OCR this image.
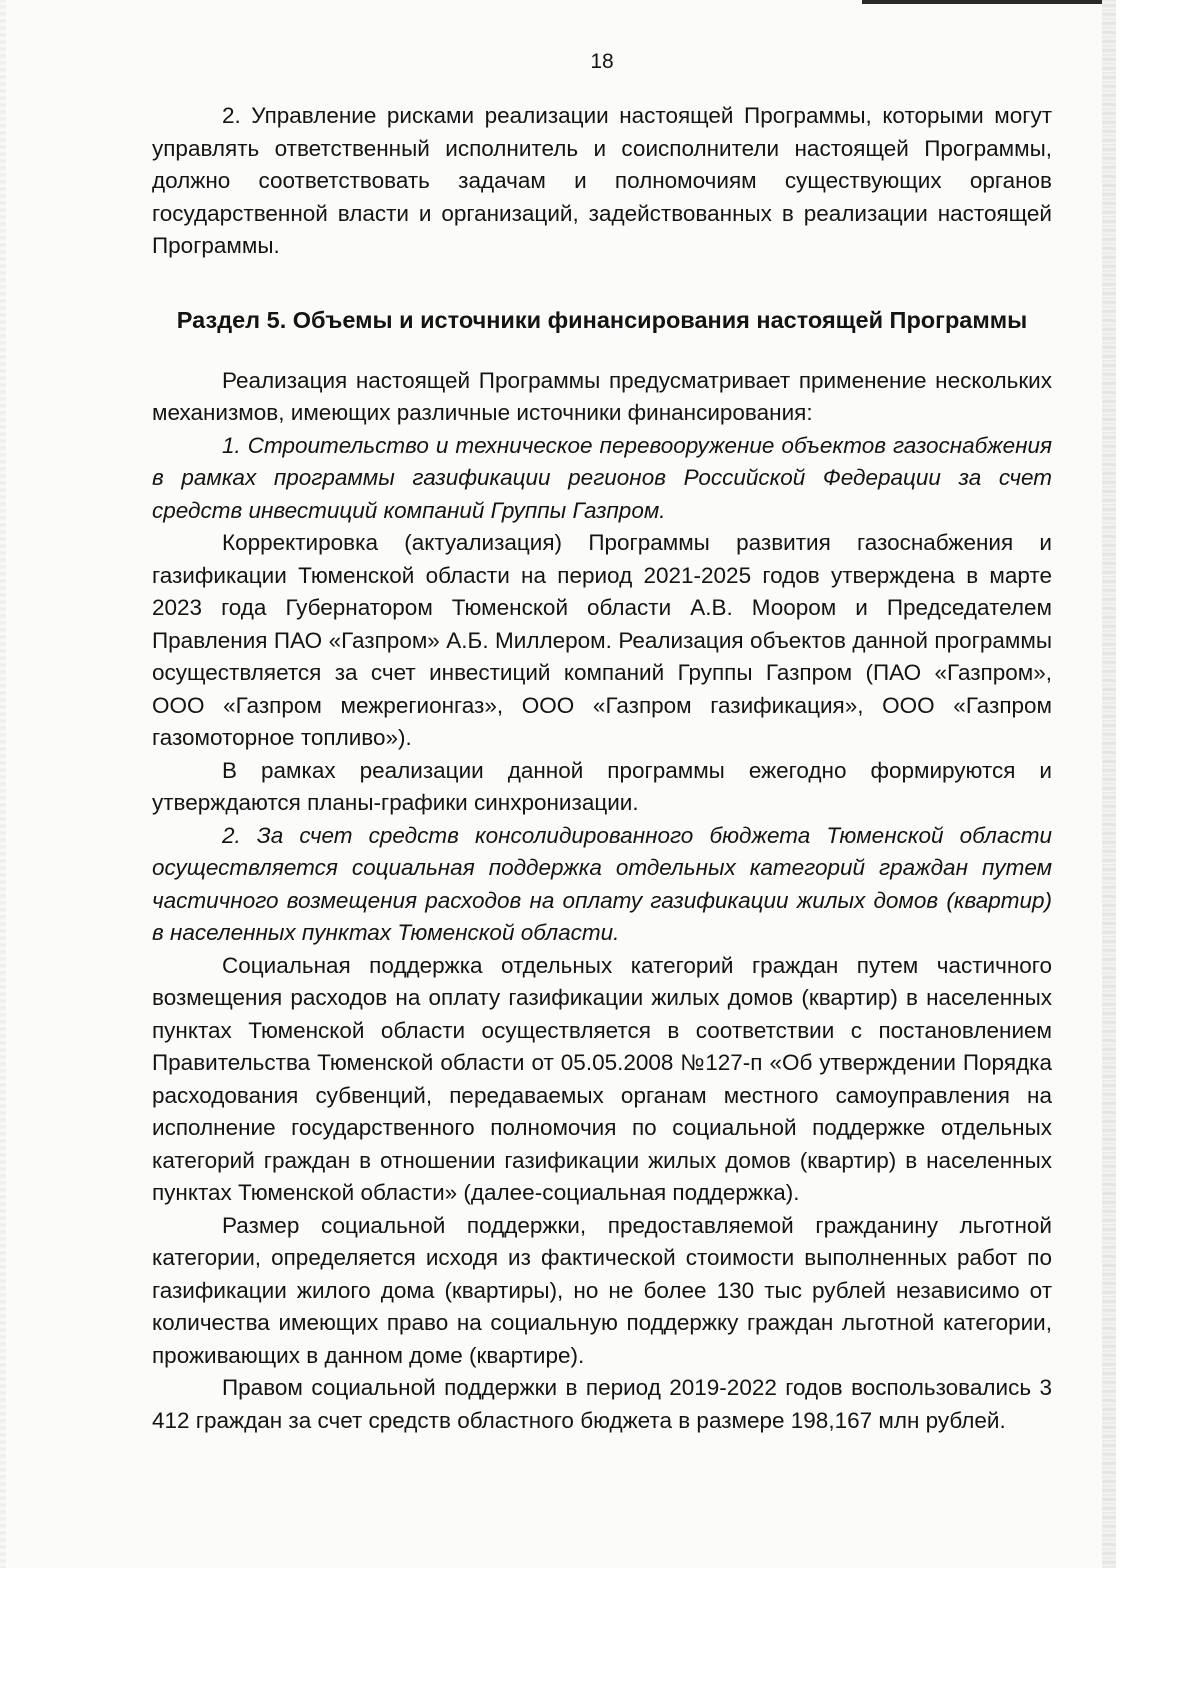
18

2. Управление рисками реализации настоящей Программы, которыми могут управлять ответственный исполнитель и соисполнители настоящей Программы, должно соответствовать задачам и полномочиям существующих органов государственной власти и организаций, задействованных в реализации настоящей Программы.

Раздел 5. Объемы и источники финансирования настоящей Программы

Реализация настоящей Программы предусматривает применение нескольких механизмов, имеющих различные источники финансирования:

1. Строительство и техническое перевооружение объектов газоснабжения в рамках программы газификации регионов Российской Федерации за счет средств инвестиций компаний Группы Газпром.

Корректировка (актуализация) Программы развития газоснабжения и газификации Тюменской области на период 2021-2025 годов утверждена в марте 2023 года Губернатором Тюменской области А.В. Моором и Председателем Правления ПАО «Газпром» А.Б. Миллером. Реализация объектов данной программы осуществляется за счет инвестиций компаний Группы Газпром (ПАО «Газпром», ООО «Газпром межрегионгаз», ООО «Газпром газификация», ООО «Газпром газомоторное топливо»).

В рамках реализации данной программы ежегодно формируются и утверждаются планы-графики синхронизации.

2. За счет средств консолидированного бюджета Тюменской области осуществляется социальная поддержка отдельных категорий граждан путем частичного возмещения расходов на оплату газификации жилых домов (квартир) в населенных пунктах Тюменской области.

Социальная поддержка отдельных категорий граждан путем частичного возмещения расходов на оплату газификации жилых домов (квартир) в населенных пунктах Тюменской области осуществляется в соответствии с постановлением Правительства Тюменской области от 05.05.2008 №127-п «Об утверждении Порядка расходования субвенций, передаваемых органам местного самоуправления на исполнение государственного полномочия по социальной поддержке отдельных категорий граждан в отношении газификации жилых домов (квартир) в населенных пунктах Тюменской области» (далее-социальная поддержка).

Размер социальной поддержки, предоставляемой гражданину льготной категории, определяется исходя из фактической стоимости выполненных работ по газификации жилого дома (квартиры), но не более 130 тыс рублей независимо от количества имеющих право на социальную поддержку граждан льготной категории, проживающих в данном доме (квартире).

Правом социальной поддержки в период 2019-2022 годов воспользовались 3 412 граждан за счет средств областного бюджета в размере 198,167 млн рублей.
